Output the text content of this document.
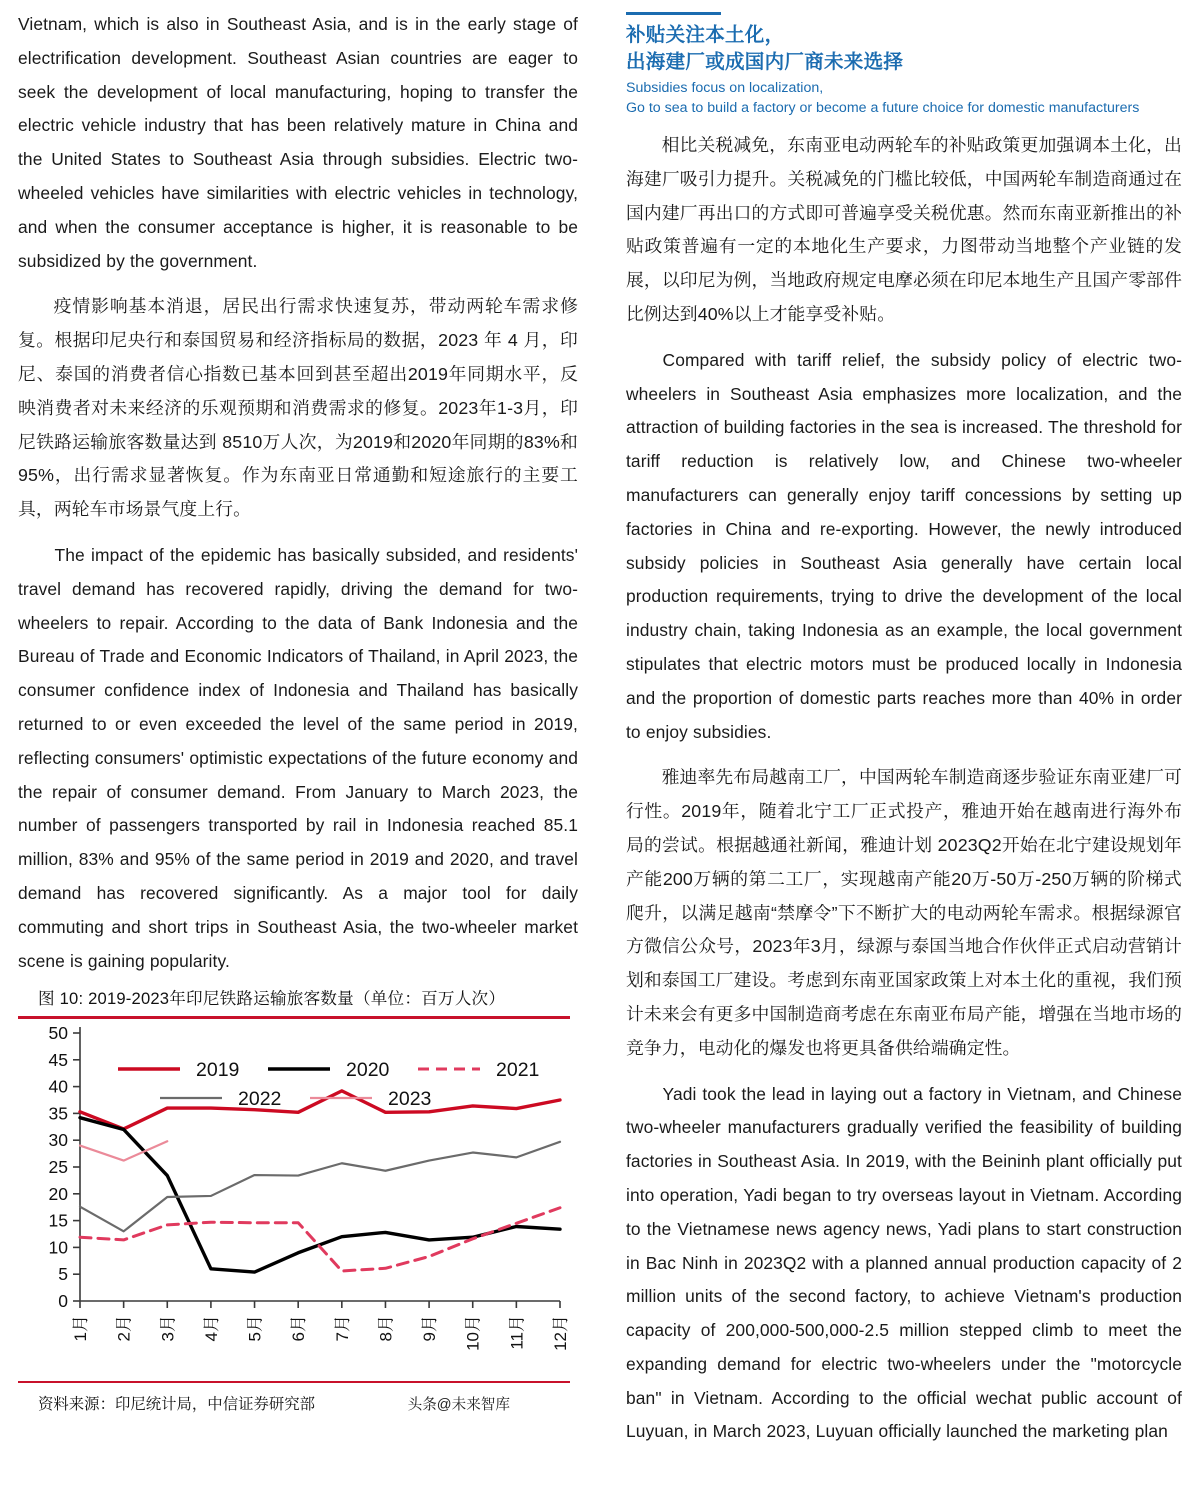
Vietnam, which is also in Southeast Asia, and is in the early stage of electrification development. Southeast Asian countries are eager to seek the development of local manufacturing, hoping to transfer the electric vehicle industry that has been relatively mature in China and the United States to Southeast Asia through subsidies. Electric two-wheeled vehicles have similarities with electric vehicles in technology, and when the consumer acceptance is higher, it is reasonable to be subsidized by the government.

疫情影响基本消退，居民出行需求快速复苏，带动两轮车需求修复。根据印尼央行和泰国贸易和经济指标局的数据，2023 年 4 月，印尼、泰国的消费者信心指数已基本回到甚至超出2019年同期水平，反映消费者对未来经济的乐观预期和消费需求的修复。2023年1-3月，印尼铁路运输旅客数量达到 8510万人次，为2019和2020年同期的83%和95%，出行需求显著恢复。作为东南亚日常通勤和短途旅行的主要工具，两轮车市场景气度上行。

The impact of the epidemic has basically subsided, and residents' travel demand has recovered rapidly, driving the demand for two-wheelers to repair. According to the data of Bank Indonesia and the Bureau of Trade and Economic Indicators of Thailand, in April 2023, the consumer confidence index of Indonesia and Thailand has basically returned to or even exceeded the level of the same period in 2019, reflecting consumers' optimistic expectations of the future economy and the repair of consumer demand. From January to March 2023, the number of passengers transported by rail in Indonesia reached 85.1 million, 83% and 95% of the same period in 2019 and 2020, and travel demand has recovered significantly. As a major tool for daily commuting and short trips in Southeast Asia, the two-wheeler market scene is gaining popularity.

补贴关注本土化，
出海建厂或成国内厂商未来选择
Subsidies focus on localization,
Go to sea to build a factory or become a future choice for domestic manufacturers

相比关税减免，东南亚电动两轮车的补贴政策更加强调本土化，出海建厂吸引力提升。关税减免的门槛比较低，中国两轮车制造商通过在国内建厂再出口的方式即可普遍享受关税优惠。然而东南亚新推出的补贴政策普遍有一定的本地化生产要求，力图带动当地整个产业链的发展，以印尼为例，当地政府规定电摩必须在印尼本地生产且国产零部件比例达到40%以上才能享受补贴。

Compared with tariff relief, the subsidy policy of electric two-wheelers in Southeast Asia emphasizes more localization, and the attraction of building factories in the sea is increased. The threshold for tariff reduction is relatively low, and Chinese two-wheeler manufacturers can generally enjoy tariff concessions by setting up factories in China and re-exporting. However, the newly introduced subsidy policies in Southeast Asia generally have certain local production requirements, trying to drive the development of the local industry chain, taking Indonesia as an example, the local government stipulates that electric motors must be produced locally in Indonesia and the proportion of domestic parts reaches more than 40% in order to enjoy subsidies.

雅迪率先布局越南工厂，中国两轮车制造商逐步验证东南亚建厂可行性。2019年，随着北宁工厂正式投产，雅迪开始在越南进行海外布局的尝试。根据越通社新闻，雅迪计划 2023Q2开始在北宁建设规划年产能200万辆的第二工厂，实现越南产能20万-50万-250万辆的阶梯式爬升，以满足越南“禁摩令”下不断扩大的电动两轮车需求。根据绿源官方微信公众号，2023年3月，绿源与泰国当地合作伙伴正式启动营销计划和泰国工厂建设。考虑到东南亚国家政策上对本土化的重视，我们预计未来会有更多中国制造商考虑在东南亚布局产能，增强在当地市场的竞争力，电动化的爆发也将更具备供给端确定性。

Yadi took the lead in laying out a factory in Vietnam, and Chinese two-wheeler manufacturers gradually verified the feasibility of building factories in Southeast Asia. In 2019, with the Beininh plant officially put into operation, Yadi began to try overseas layout in Vietnam. According to the Vietnamese news agency news, Yadi plans to start construction in Bac Ninh in 2023Q2 with a planned annual production capacity of 2 million units of the second factory, to achieve Vietnam's production capacity of 200,000-500,000-2.5 million stepped climb to meet the expanding demand for electric two-wheelers under the "motorcycle ban" in Vietnam. According to the official wechat public account of Luyuan, in March 2023, Luyuan officially launched the marketing plan

图 10: 2019-2023年印尼铁路运输旅客数量（单位：百万人次）
0
5
10
15
20
25
30
35
40
45
50
1月 2月 3月 4月 5月 6月 7月 8月 9月 10月 11月 12月
2019	2020	2021
2022	2023
资料来源：印尼统计局，中信证券研究部	头条@未来智库
